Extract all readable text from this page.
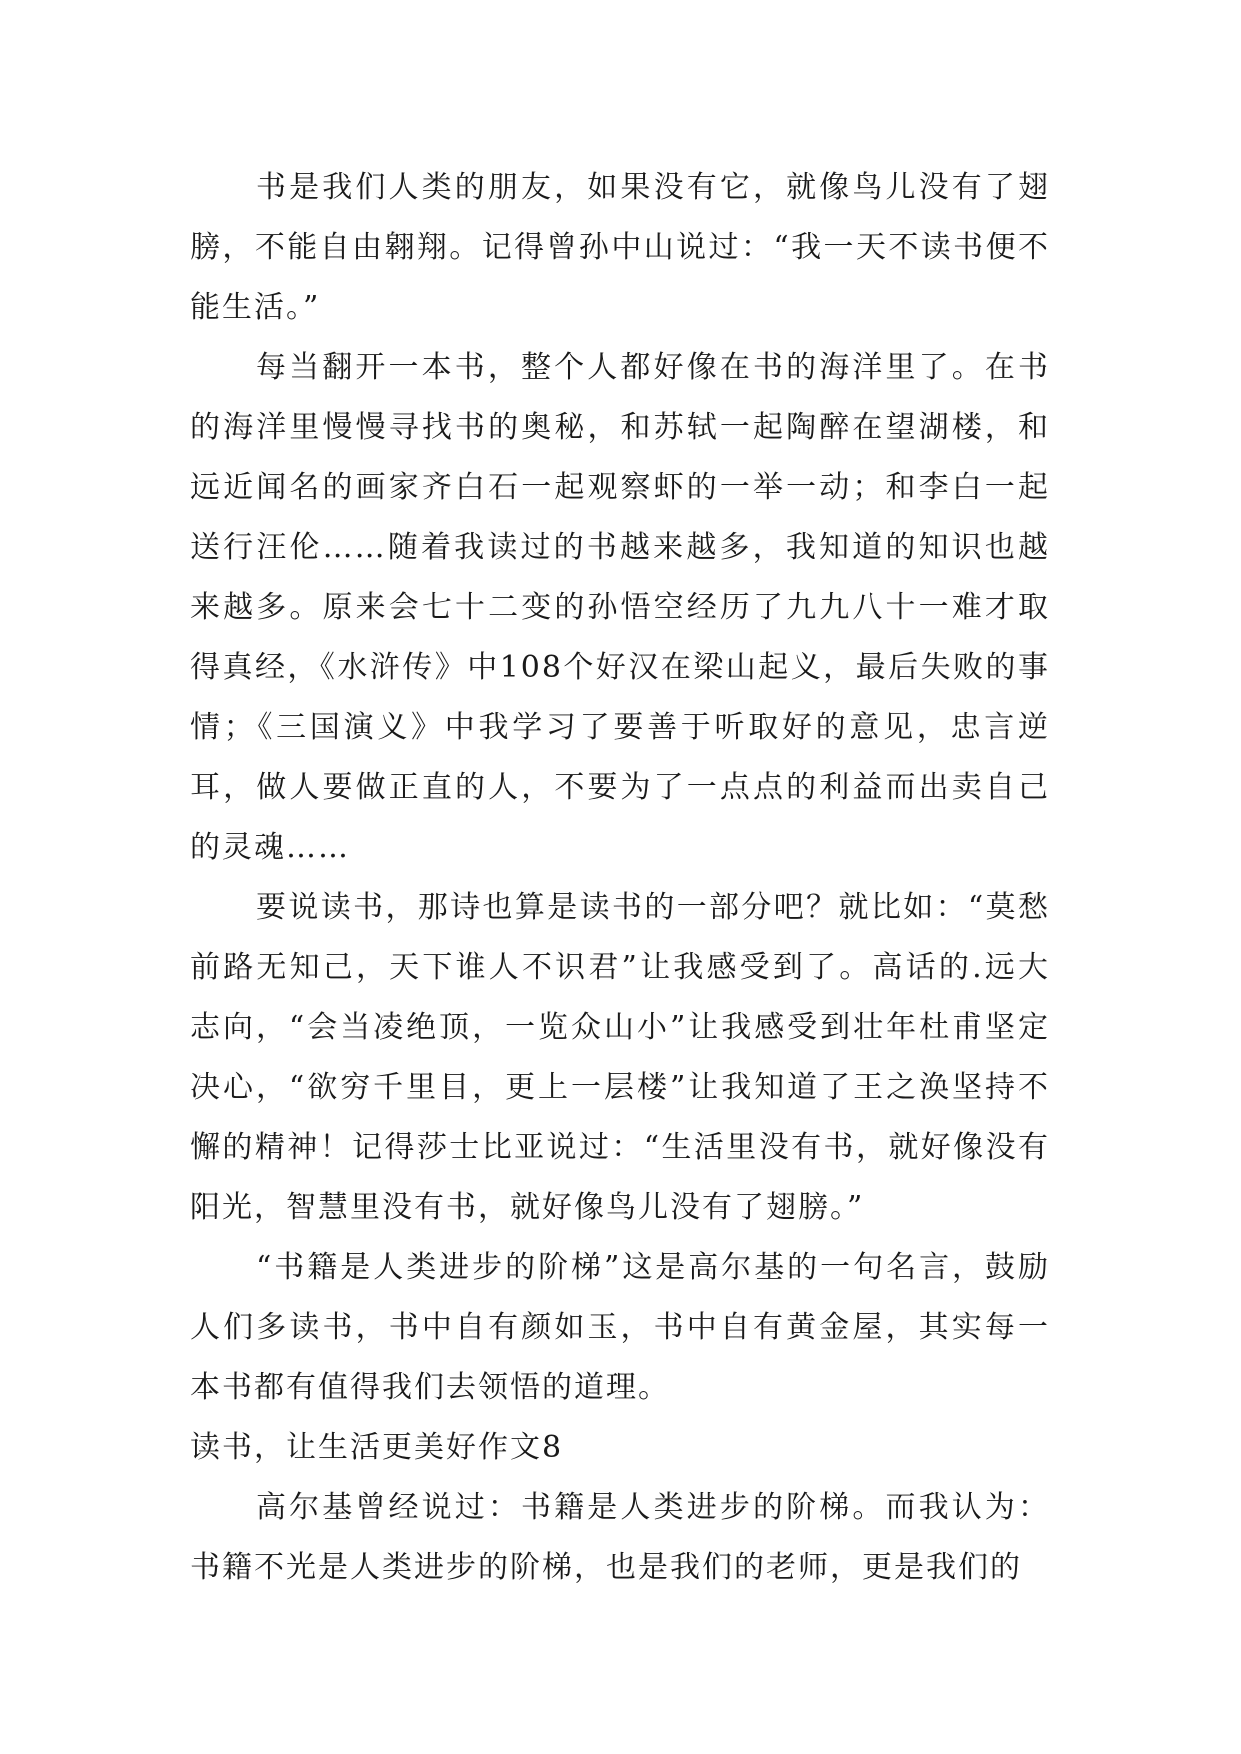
书是我们人类的朋友，如果没有它，就像鸟儿没有了翅膀，不能自由翱翔。记得曾孙中山说过：“我一天不读书便不能生活。”

每当翻开一本书，整个人都好像在书的海洋里了。在书的海洋里慢慢寻找书的奥秘，和苏轼一起陶醉在望湖楼，和远近闻名的画家齐白石一起观察虾的一举一动；和李白一起送行汪伦……随着我读过的书越来越多，我知道的知识也越来越多。原来会七十二变的孙悟空经历了九九八十一难才取得真经，《水浒传》中108个好汉在梁山起义，最后失败的事情；《三国演义》中我学习了要善于听取好的意见，忠言逆耳，做人要做正直的人，不要为了一点点的利益而出卖自己的灵魂……

要说读书，那诗也算是读书的一部分吧？就比如：“莫愁前路无知己，天下谁人不识君”让我感受到了。高话的.远大志向，“会当凌绝顶，一览众山小”让我感受到壮年杜甫坚定决心，“欲穷千里目，更上一层楼”让我知道了王之涣坚持不懈的精神！记得莎士比亚说过：“生活里没有书，就好像没有阳光，智慧里没有书，就好像鸟儿没有了翅膀。”

“书籍是人类进步的阶梯”这是高尔基的一句名言，鼓励人们多读书，书中自有颜如玉，书中自有黄金屋，其实每一本书都有值得我们去领悟的道理。

读书，让生活更美好作文8

高尔基曾经说过：书籍是人类进步的阶梯。而我认为：书籍不光是人类进步的阶梯，也是我们的老师，更是我们的
